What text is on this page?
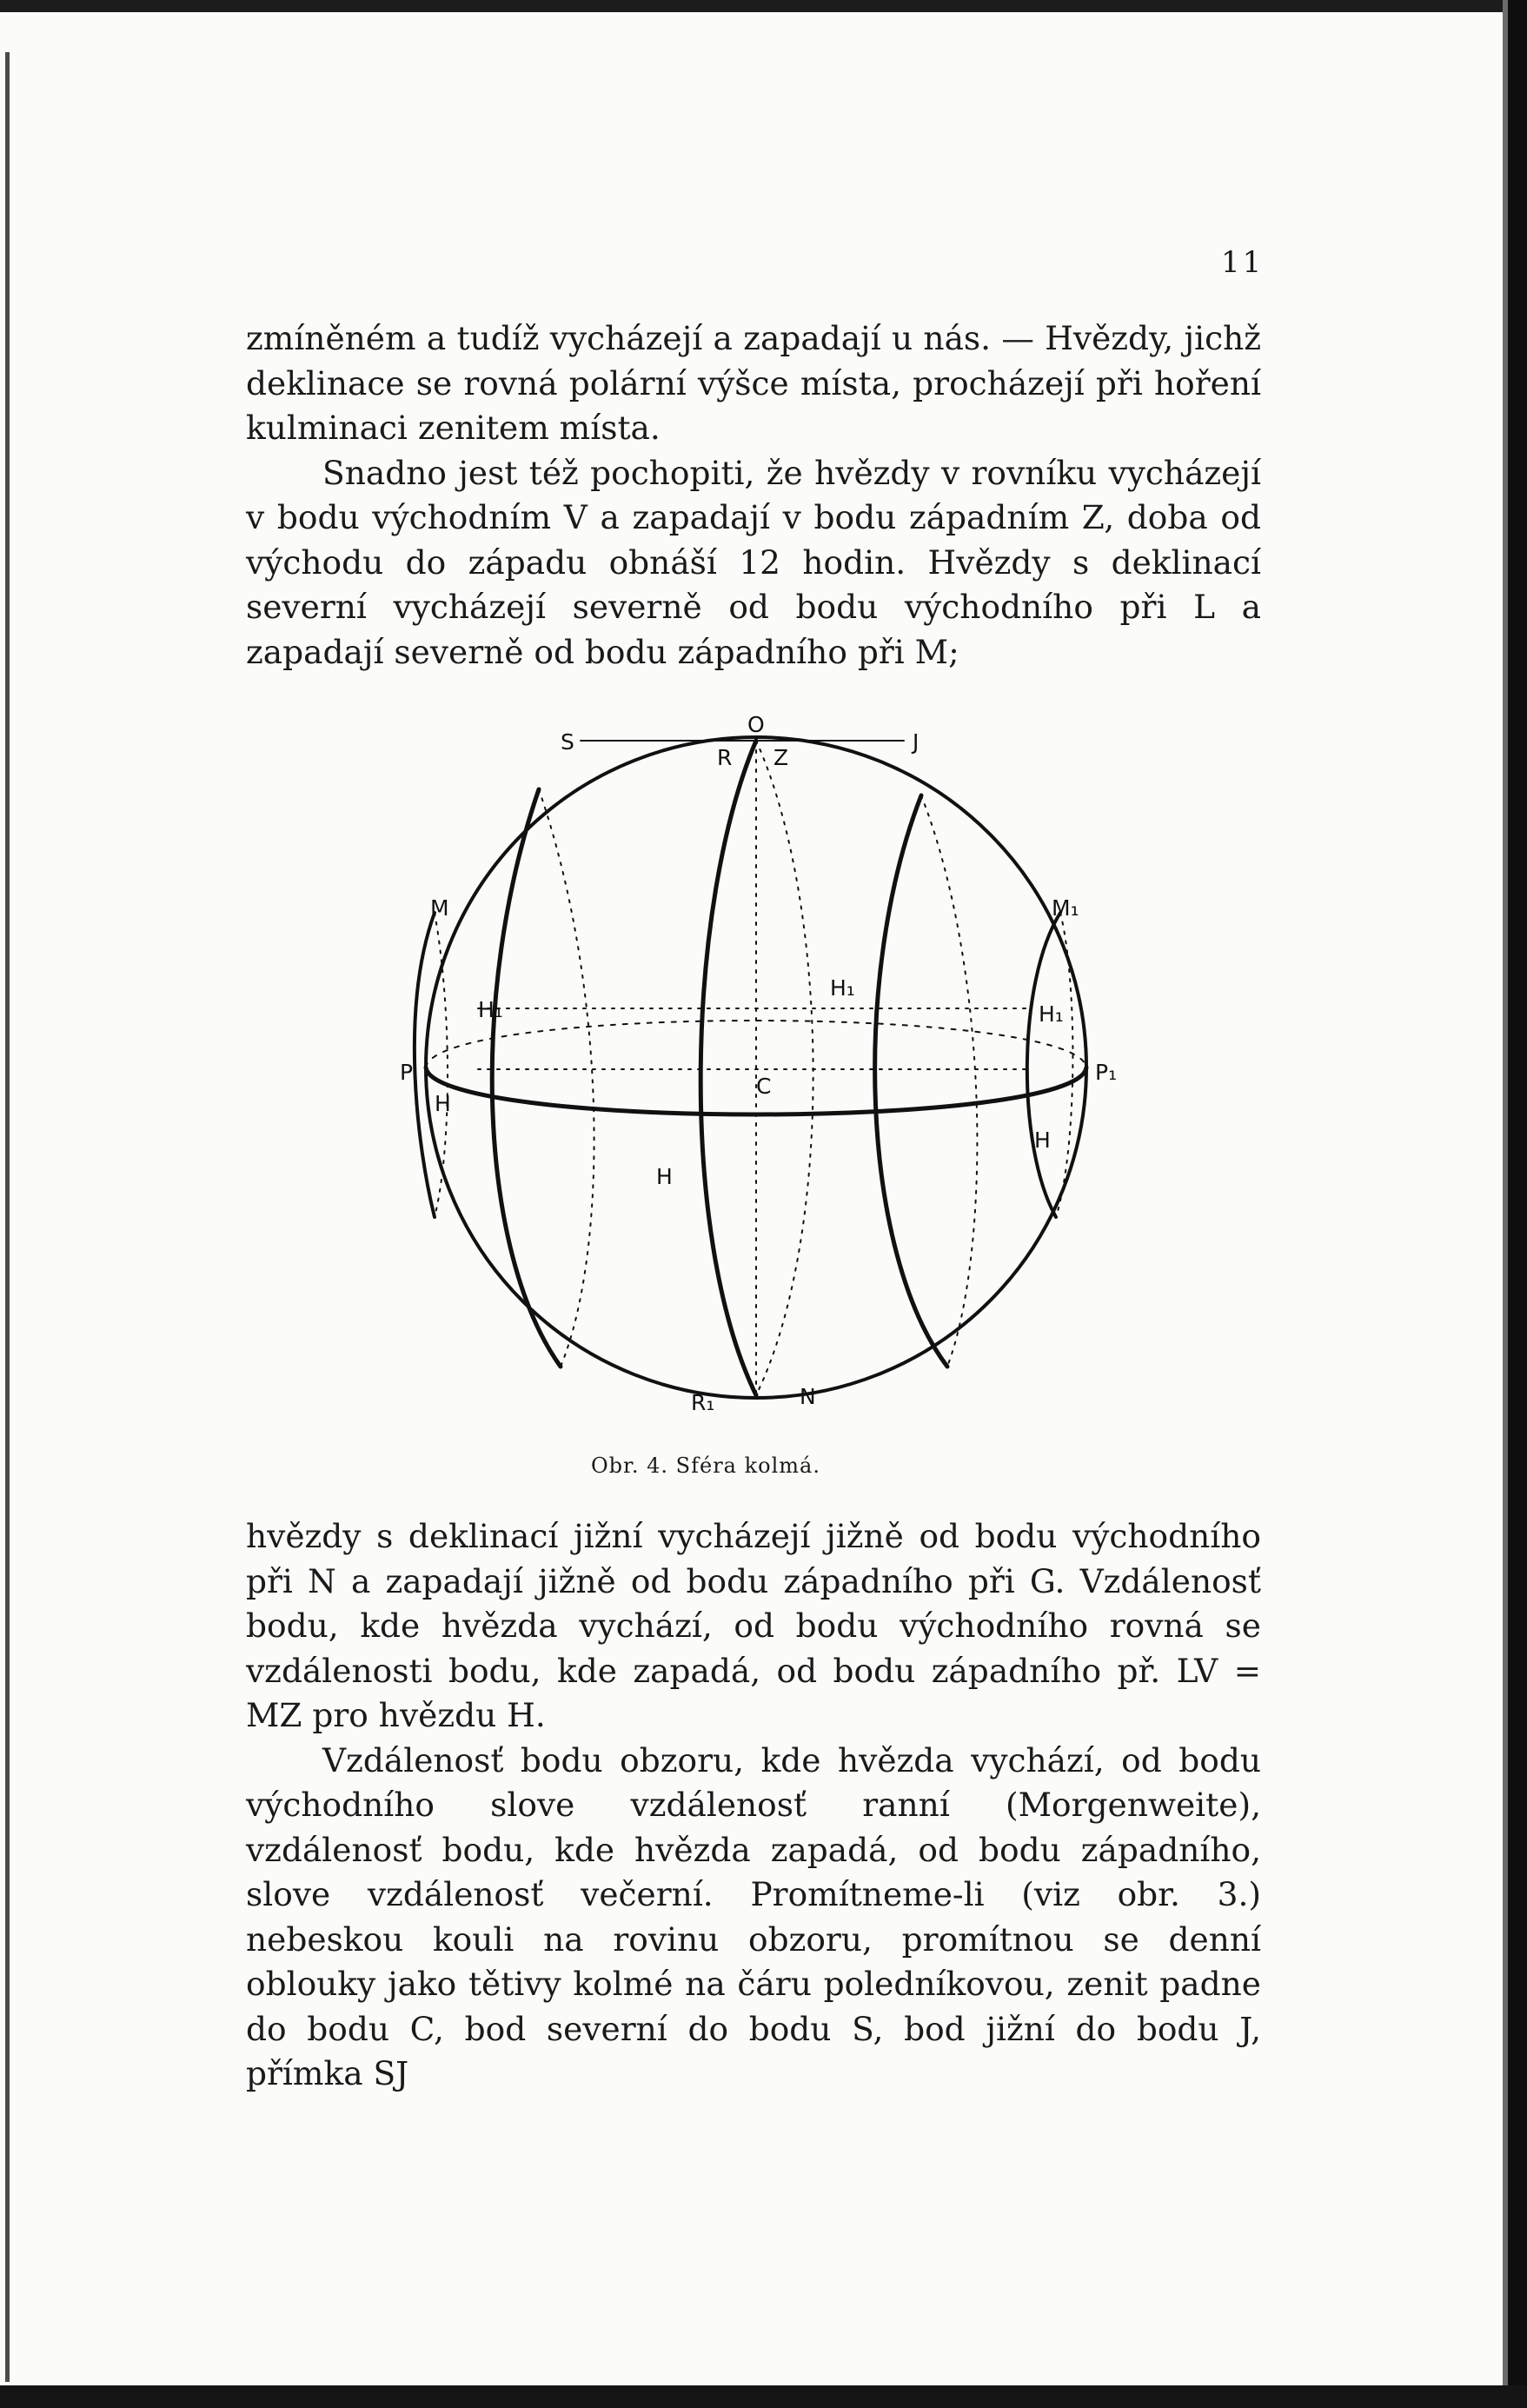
11

zmíněném a tudíž vycházejí a zapadají u nás. — Hvězdy, jichž deklinace se rovná polární výšce místa, procházejí při hoření kulminaci zenitem místa.

Snadno jest též pochopiti, že hvězdy v rovníku vycházejí v bodu východním V a zapadají v bodu západním Z, doba od východu do západu obnáší 12 hodin. Hvězdy s deklinací severní vycházejí severně od bodu východního při L a zapadají severně od bodu západního při M;

S
O
J
R Z
M	M₁
H₁
H₁
H₁
P	P₁
H
C
H
H
R₁	N
Obr. 4. Sféra kolmá.

hvězdy s deklinací jižní vycházejí jižně od bodu východního při N a zapadají jižně od bodu západního při G. Vzdálenosť bodu, kde hvězda vychází, od bodu východního rovná se vzdálenosti bodu, kde zapadá, od bodu západního př. LV = MZ pro hvězdu H.

Vzdálenosť bodu obzoru, kde hvězda vychází, od bodu východního slove vzdálenosť ranní (Morgenweite), vzdálenosť bodu, kde hvězda zapadá, od bodu západního, slove vzdálenosť večerní. Promítneme-li (viz obr. 3.) nebeskou kouli na rovinu obzoru, promítnou se denní oblouky jako tětivy kolmé na čáru poledníkovou, zenit padne do bodu C, bod severní do bodu S, bod jižní do bodu J, přímka SJ
